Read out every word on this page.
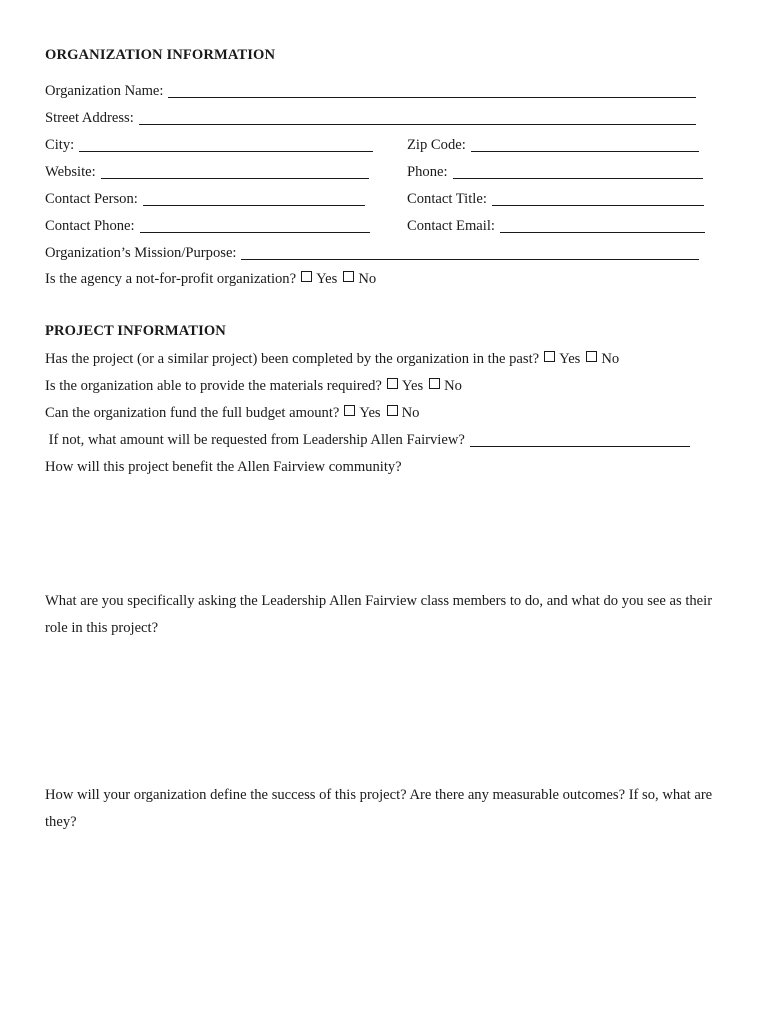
ORGANIZATION INFORMATION
Organization Name:
Street Address:
City:	Zip Code:
Website:	Phone:
Contact Person:	Contact Title:
Contact Phone:	Contact Email:
Organization’s Mission/Purpose:
Is the agency a not-for-profit organization? Yes No
PROJECT INFORMATION
Has the project (or a similar project) been completed by the organization in the past? Yes No
Is the organization able to provide the materials required? Yes No
Can the organization fund the full budget amount? Yes No
If not, what amount will be requested from Leadership Allen Fairview?
How will this project benefit the Allen Fairview community?
What are you specifically asking the Leadership Allen Fairview class members to do, and what do you see as their role in this project?
How will your organization define the success of this project? Are there any measurable outcomes? If so, what are they?
